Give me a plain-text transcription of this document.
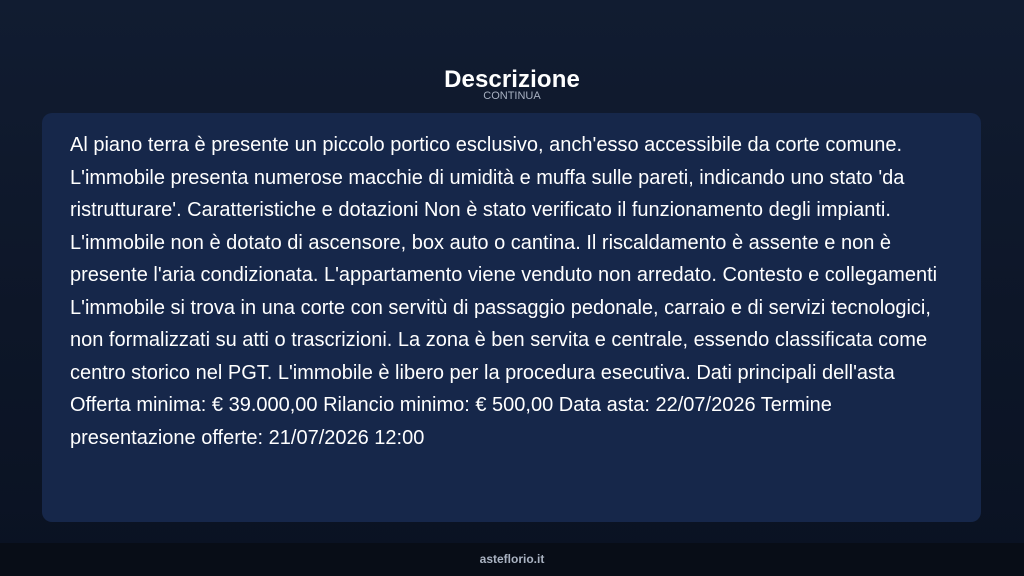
Descrizione
CONTINUA

Al piano terra è presente un piccolo portico esclusivo, anch'esso accessibile da corte comune. L'immobile presenta numerose macchie di umidità e muffa sulle pareti, indicando uno stato 'da ristrutturare'. Caratteristiche e dotazioni Non è stato verificato il funzionamento degli impianti. L'immobile non è dotato di ascensore, box auto o cantina. Il riscaldamento è assente e non è presente l'aria condizionata. L'appartamento viene venduto non arredato. Contesto e collegamenti L'immobile si trova in una corte con servitù di passaggio pedonale, carraio e di servizi tecnologici, non formalizzati su atti o trascrizioni. La zona è ben servita e centrale, essendo classificata come centro storico nel PGT. L'immobile è libero per la procedura esecutiva. Dati principali dell'asta Offerta minima: € 39.000,00 Rilancio minimo: € 500,00 Data asta: 22/07/2026 Termine presentazione offerte: 21/07/2026 12:00

asteflorio.it
